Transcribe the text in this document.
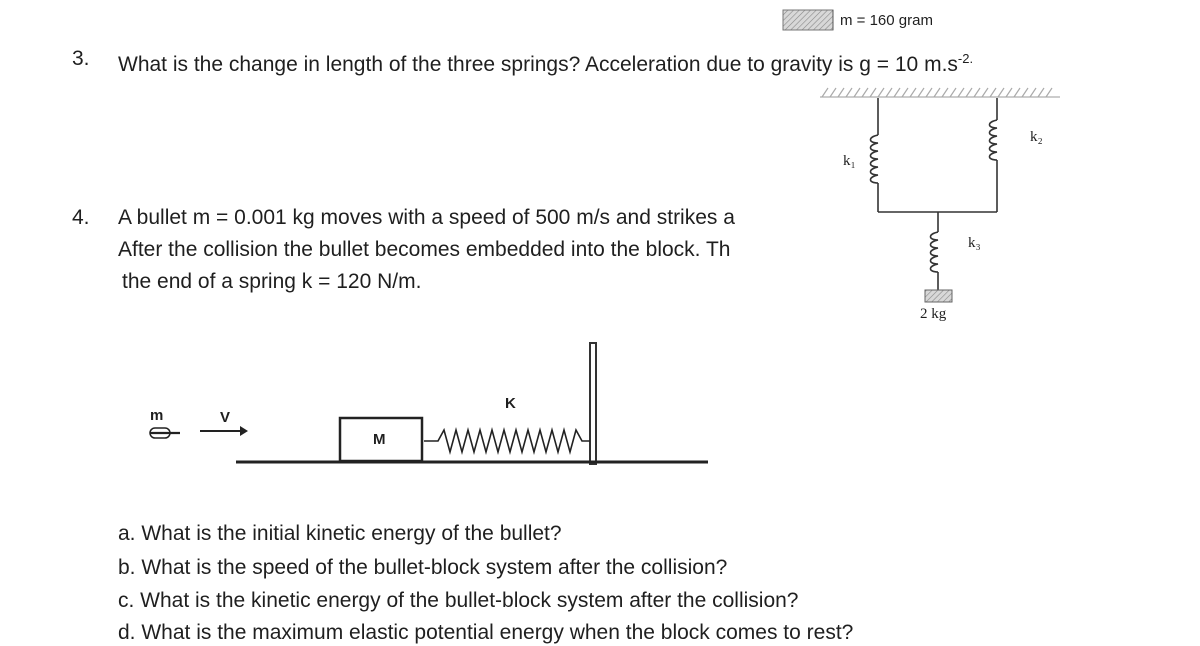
m = 160 gram
3. What is the change in length of the three springs? Acceleration due to gravity is g = 10 $m.s^{-2.}$
k₁
k₂
k₃
2 kg
4. A bullet m = 0.001 kg moves with a speed of 500 m/s and strikes a
After the collision the bullet becomes embedded into the block. Th
the end of a spring k = 120 N/m.
m	V
M
K
a. What is the initial kinetic energy of the bullet?
b. What is the speed of the bullet-block system after the collision?
c. What is the kinetic energy of the bullet-block system after the collision?
d. What is the maximum elastic potential energy when the block comes to rest?
